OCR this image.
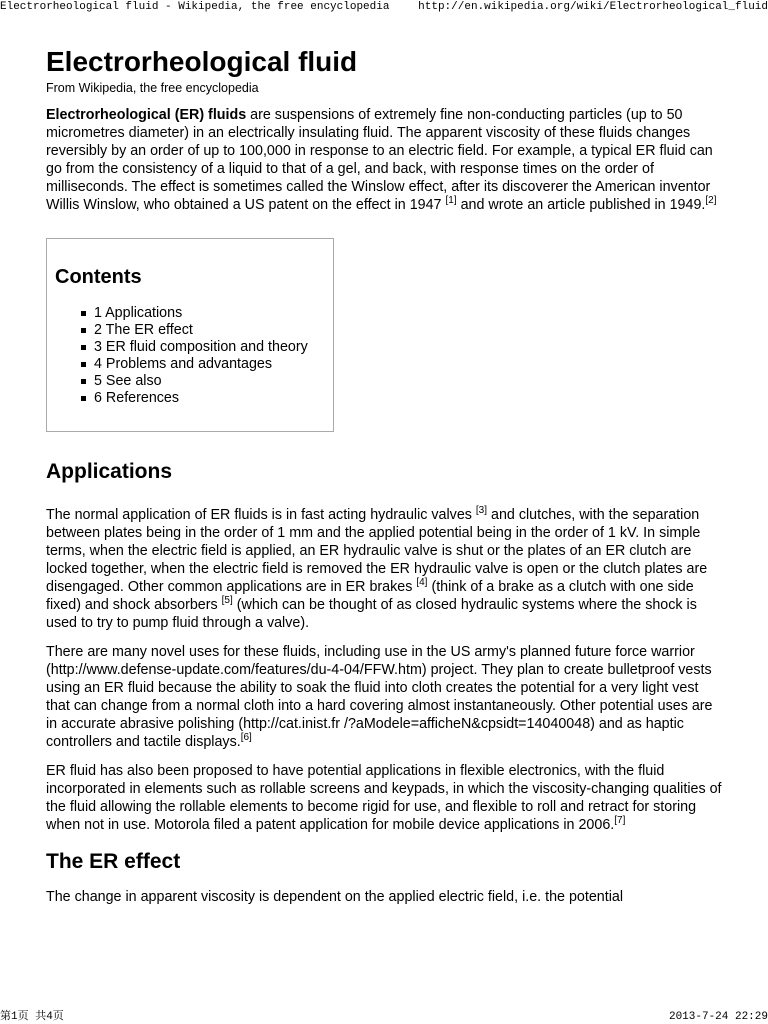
Electrorheological fluid - Wikipedia, the free encyclopedia	http://en.wikipedia.org/wiki/Electrorheological_fluid
Electrorheological fluid
From Wikipedia, the free encyclopedia

Electrorheological (ER) fluids are suspensions of extremely fine non-conducting particles (up to 50 micrometres diameter) in an electrically insulating fluid. The apparent viscosity of these fluids changes reversibly by an order of up to 100,000 in response to an electric field. For example, a typical ER fluid can go from the consistency of a liquid to that of a gel, and back, with response times on the order of milliseconds. The effect is sometimes called the Winslow effect, after its discoverer the American inventor Willis Winslow, who obtained a US patent on the effect in 1947 [1] and wrote an article published in 1949.[2]

Contents
1 Applications
2 The ER effect
3 ER fluid composition and theory
4 Problems and advantages
5 See also
6 References
Applications

The normal application of ER fluids is in fast acting hydraulic valves [3] and clutches, with the separation between plates being in the order of 1 mm and the applied potential being in the order of 1 kV. In simple terms, when the electric field is applied, an ER hydraulic valve is shut or the plates of an ER clutch are locked together, when the electric field is removed the ER hydraulic valve is open or the clutch plates are disengaged. Other common applications are in ER brakes [4] (think of a brake as a clutch with one side fixed) and shock absorbers [5] (which can be thought of as closed hydraulic systems where the shock is used to try to pump fluid through a valve).

There are many novel uses for these fluids, including use in the US army's planned future force warrior (http://www.defense-update.com/features/du-4-04/FFW.htm) project. They plan to create bulletproof vests using an ER fluid because the ability to soak the fluid into cloth creates the potential for a very light vest that can change from a normal cloth into a hard covering almost instantaneously. Other potential uses are in accurate abrasive polishing (http://cat.inist.fr /?aModele=afficheN&cpsidt=14040048) and as haptic controllers and tactile displays.[6]

ER fluid has also been proposed to have potential applications in flexible electronics, with the fluid incorporated in elements such as rollable screens and keypads, in which the viscosity-changing qualities of the fluid allowing the rollable elements to become rigid for use, and flexible to roll and retract for storing when not in use. Motorola filed a patent application for mobile device applications in 2006.[7]

The ER effect

The change in apparent viscosity is dependent on the applied electric field, i.e. the potential

第1页 共4页	2013-7-24 22:29
